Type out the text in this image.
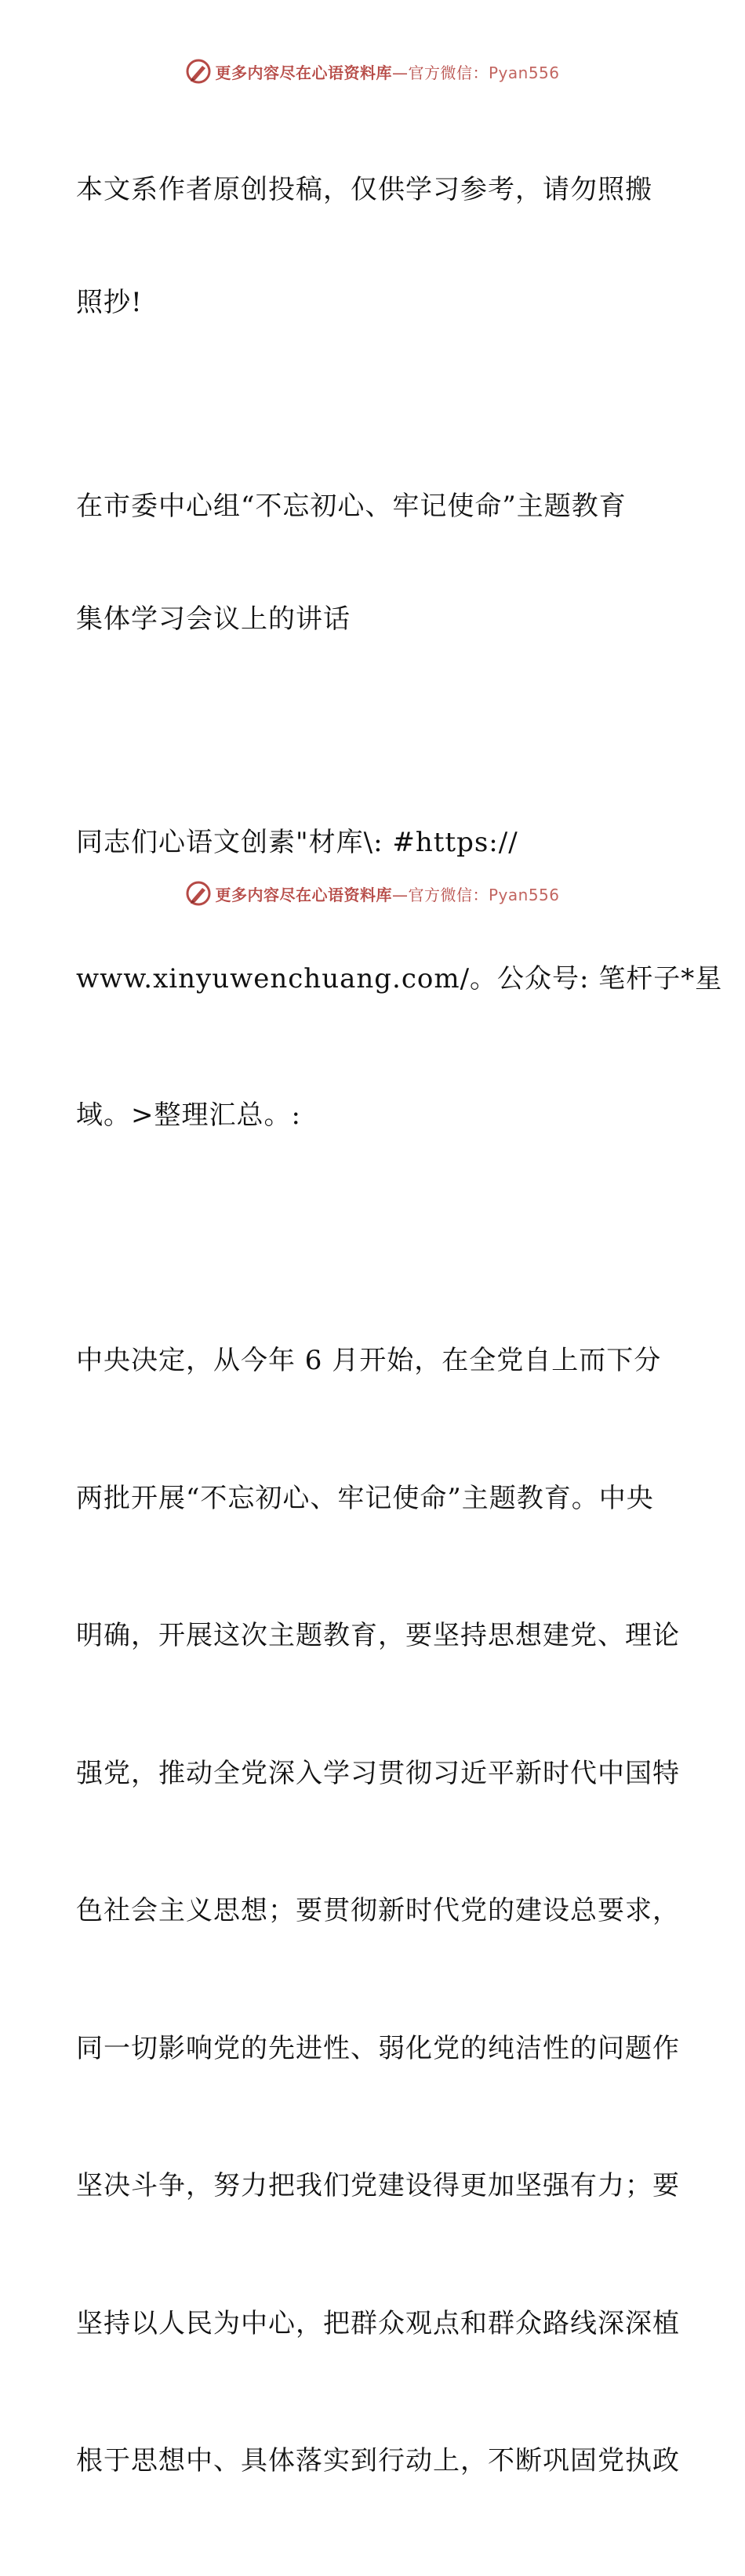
更多内容尽在心语资料库—官方微信：Pyan556

本文系作者原创投稿，仅供学习参考，请勿照搬

照抄!

在市委中心组“不忘初心、牢记使命”主题教育

集体学习会议上的讲话

同志们心语文创素"材库\: #https://

www.xinyuwenchuang.com/。公众号: 笔杆子*星

域。>整理汇总。:

中央决定，从今年 6 月开始，在全党自上而下分

两批开展“不忘初心、牢记使命”主题教育。中央

明确，开展这次主题教育，要坚持思想建党、理论

强党，推动全党深入学习贯彻习近平新时代中国特

色社会主义思想；要贯彻新时代党的建设总要求，

同一切影响党的先进性、弱化党的纯洁性的问题作

坚决斗争，努力把我们党建设得更加坚强有力；要

坚持以人民为中心，把群众观点和群众路线深深植

根于思想中、具体落实到行动上，不断巩固党执政

更多内容尽在心语资料库—官方微信：Pyan556
